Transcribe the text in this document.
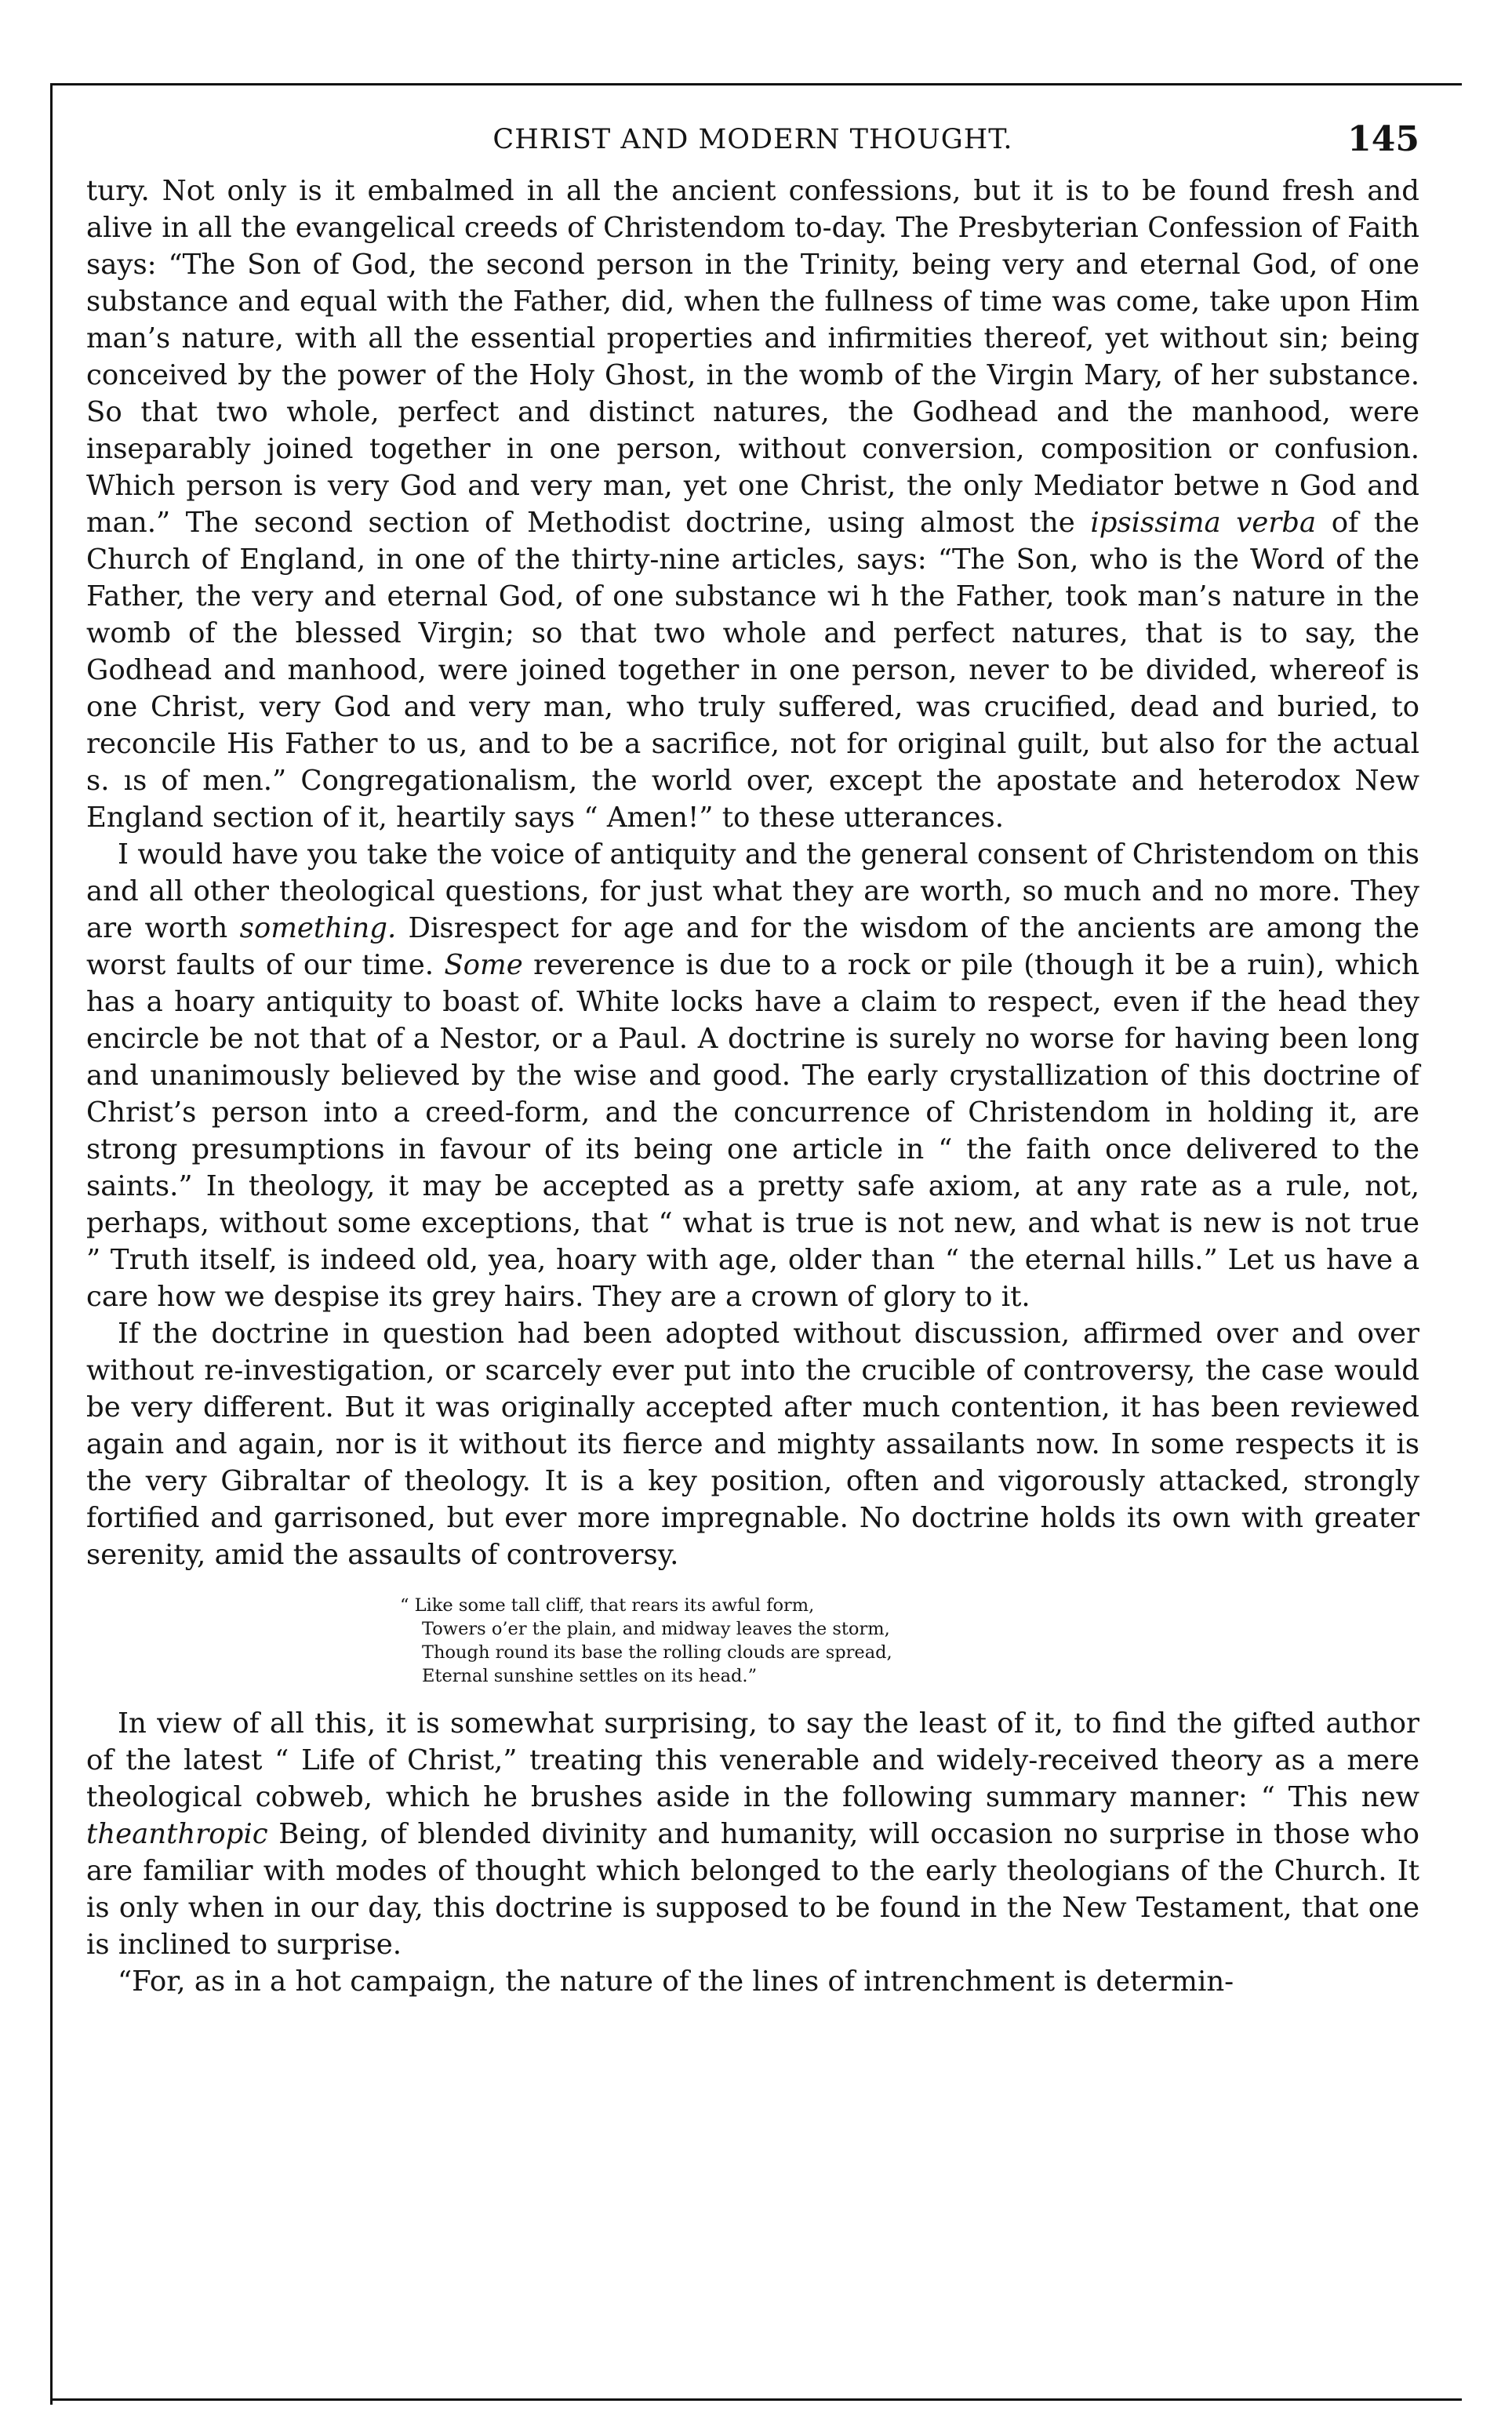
CHRIST AND MODERN THOUGHT.	145

tury. Not only is it embalmed in all the ancient confessions, but it is to be found fresh and alive in all the evangelical creeds of Christendom to-day. The Presbyterian Confession of Faith says: “The Son of God, the second person in the Trinity, being very and eternal God, of one substance and equal with the Father, did, when the fullness of time was come, take upon Him man’s nature, with all the essential properties and infirmities thereof, yet without sin; being conceived by the power of the Holy Ghost, in the womb of the Virgin Mary, of her substance. So that two whole, perfect and distinct natures, the Godhead and the manhood, were inseparably joined together in one person, without conversion, composition or confusion. Which person is very God and very man, yet one Christ, the only Mediator betwe n God and man.” The second section of Methodist doctrine, using almost the ipsissima verba of the Church of England, in one of the thirty-nine articles, says: “The Son, who is the Word of the Father, the very and eternal God, of one substance wi h the Father, took man’s nature in the womb of the blessed Virgin; so that two whole and perfect natures, that is to say, the Godhead and manhood, were joined together in one person, never to be divided, whereof is one Christ, very God and very man, who truly suffered, was crucified, dead and buried, to reconcile His Father to us, and to be a sacrifice, not for original guilt, but also for the actual s. ıs of men.” Congregationalism, the world over, except the apostate and heterodox New England section of it, heartily says “ Amen!” to these utterances.

I would have you take the voice of antiquity and the general consent of Christendom on this and all other theological questions, for just what they are worth, so much and no more. They are worth something. Disrespect for age and for the wisdom of the ancients are among the worst faults of our time. Some reverence is due to a rock or pile (though it be a ruin), which has a hoary antiquity to boast of. White locks have a claim to respect, even if the head they encircle be not that of a Nestor, or a Paul. A doctrine is surely no worse for having been long and unanimously believed by the wise and good. The early crystallization of this doctrine of Christ’s person into a creed-form, and the concurrence of Christendom in holding it, are strong presumptions in favour of its being one article in “ the faith once delivered to the saints.” In theology, it may be accepted as a pretty safe axiom, at any rate as a rule, not, perhaps, without some exceptions, that “ what is true is not new, and what is new is not true ” Truth itself, is indeed old, yea, hoary with age, older than “ the eternal hills.” Let us have a care how we despise its grey hairs. They are a crown of glory to it.

If the doctrine in question had been adopted without discussion, affirmed over and over without re-investigation, or scarcely ever put into the crucible of controversy, the case would be very different. But it was originally accepted after much contention, it has been reviewed again and again, nor is it without its fierce and mighty assailants now. In some respects it is the very Gibraltar of theology. It is a key position, often and vigorously attacked, strongly fortified and garrisoned, but ever more impregnable. No doctrine holds its own with greater serenity, amid the assaults of controversy.

“ Like some tall cliff, that rears its awful form,

Towers o’er the plain, and midway leaves the storm,

Though round its base the rolling clouds are spread,

Eternal sunshine settles on its head.”

In view of all this, it is somewhat surprising, to say the least of it, to find the gifted author of the latest “ Life of Christ,” treating this venerable and widely-received theory as a mere theological cobweb, which he brushes aside in the following summary manner: “ This new theanthropic Being, of blended divinity and humanity, will occasion no surprise in those who are familiar with modes of thought which belonged to the early theologians of the Church. It is only when in our day, this doctrine is supposed to be found in the New Testament, that one is inclined to surprise.

“For, as in a hot campaign, the nature of the lines of intrenchment is determin-
